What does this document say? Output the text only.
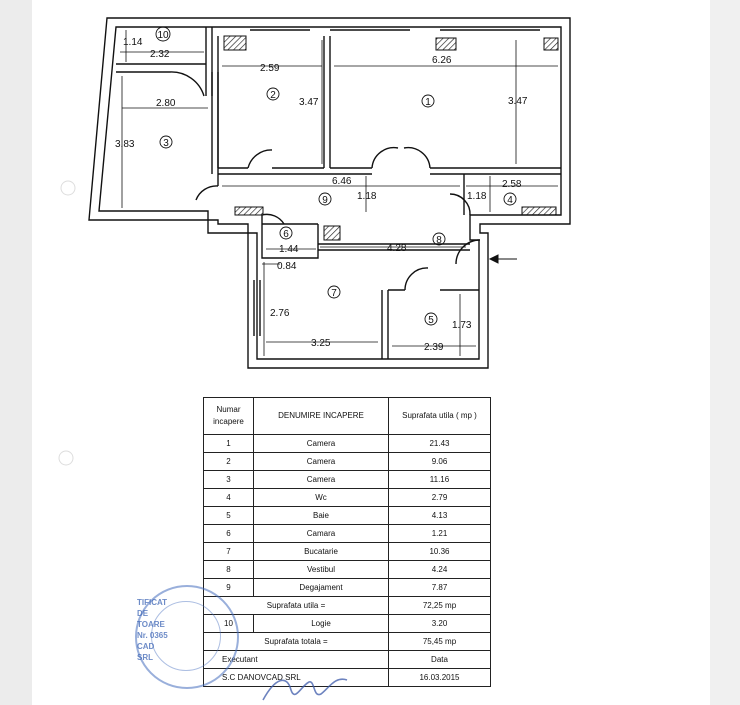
10
2
1
3
4
5
6
7
8
9
1.14
2.32
2.59
6.26
2.80	3.47	3.47
3.83
6.46
1.18
2.58
1.18
1.44	4.28
0.84
2.76
3.25
1.73
2.39
Numar incapere	DENUMIRE INCAPERE	Suprafata utila ( mp )
1	Camera	21.43
2	Camera	9.06
3	Camera	11.16
4	Wc	2.79
5	Baie	4.13
6	Camara	1.21
7	Bucatarie	10.36
8	Vestibul	4.24
9	Degajament	7.87
Suprafata utila =		72,25 mp
10	Logie	3.20
Suprafata totala =		75,45 mp
Executant		Data
S.C DANOVCAD SRL		16.03.2015
TIFICAT
DE
TOARE
Nr. 0365
CAD
SRL
